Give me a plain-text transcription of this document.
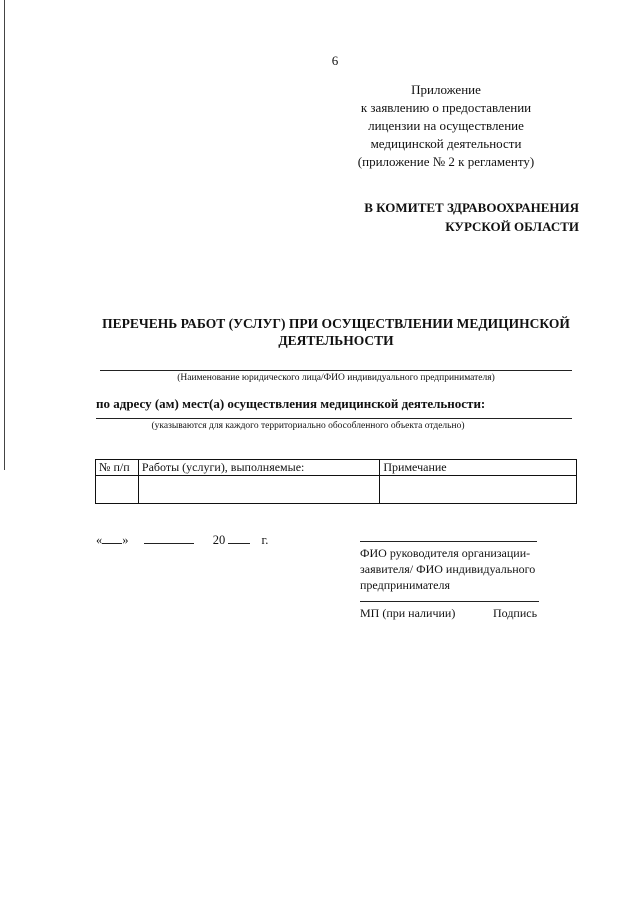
6
Приложение
к заявлению о предоставлении
лицензии на осуществление
медицинской деятельности
(приложение № 2 к регламенту)
В КОМИТЕТ ЗДРАВООХРАНЕНИЯ
КУРСКОЙ ОБЛАСТИ
ПЕРЕЧЕНЬ РАБОТ (УСЛУГ) ПРИ ОСУЩЕСТВЛЕНИИ МЕДИЦИНСКОЙ
ДЕЯТЕЛЬНОСТИ
(Наименование юридического лица/ФИО индивидуального предпринимателя)
по адресу (ам) мест(а) осуществления медицинской деятельности:
(указываются для каждого территориально обособленного объекта отдельно)
№ п/п	Работы (услуги), выполняемые:	Примечание

« »	20	г.
ФИО руководителя организации-
заявителя/ ФИО индивидуального
предпринимателя
МП (при наличии)	Подпись
